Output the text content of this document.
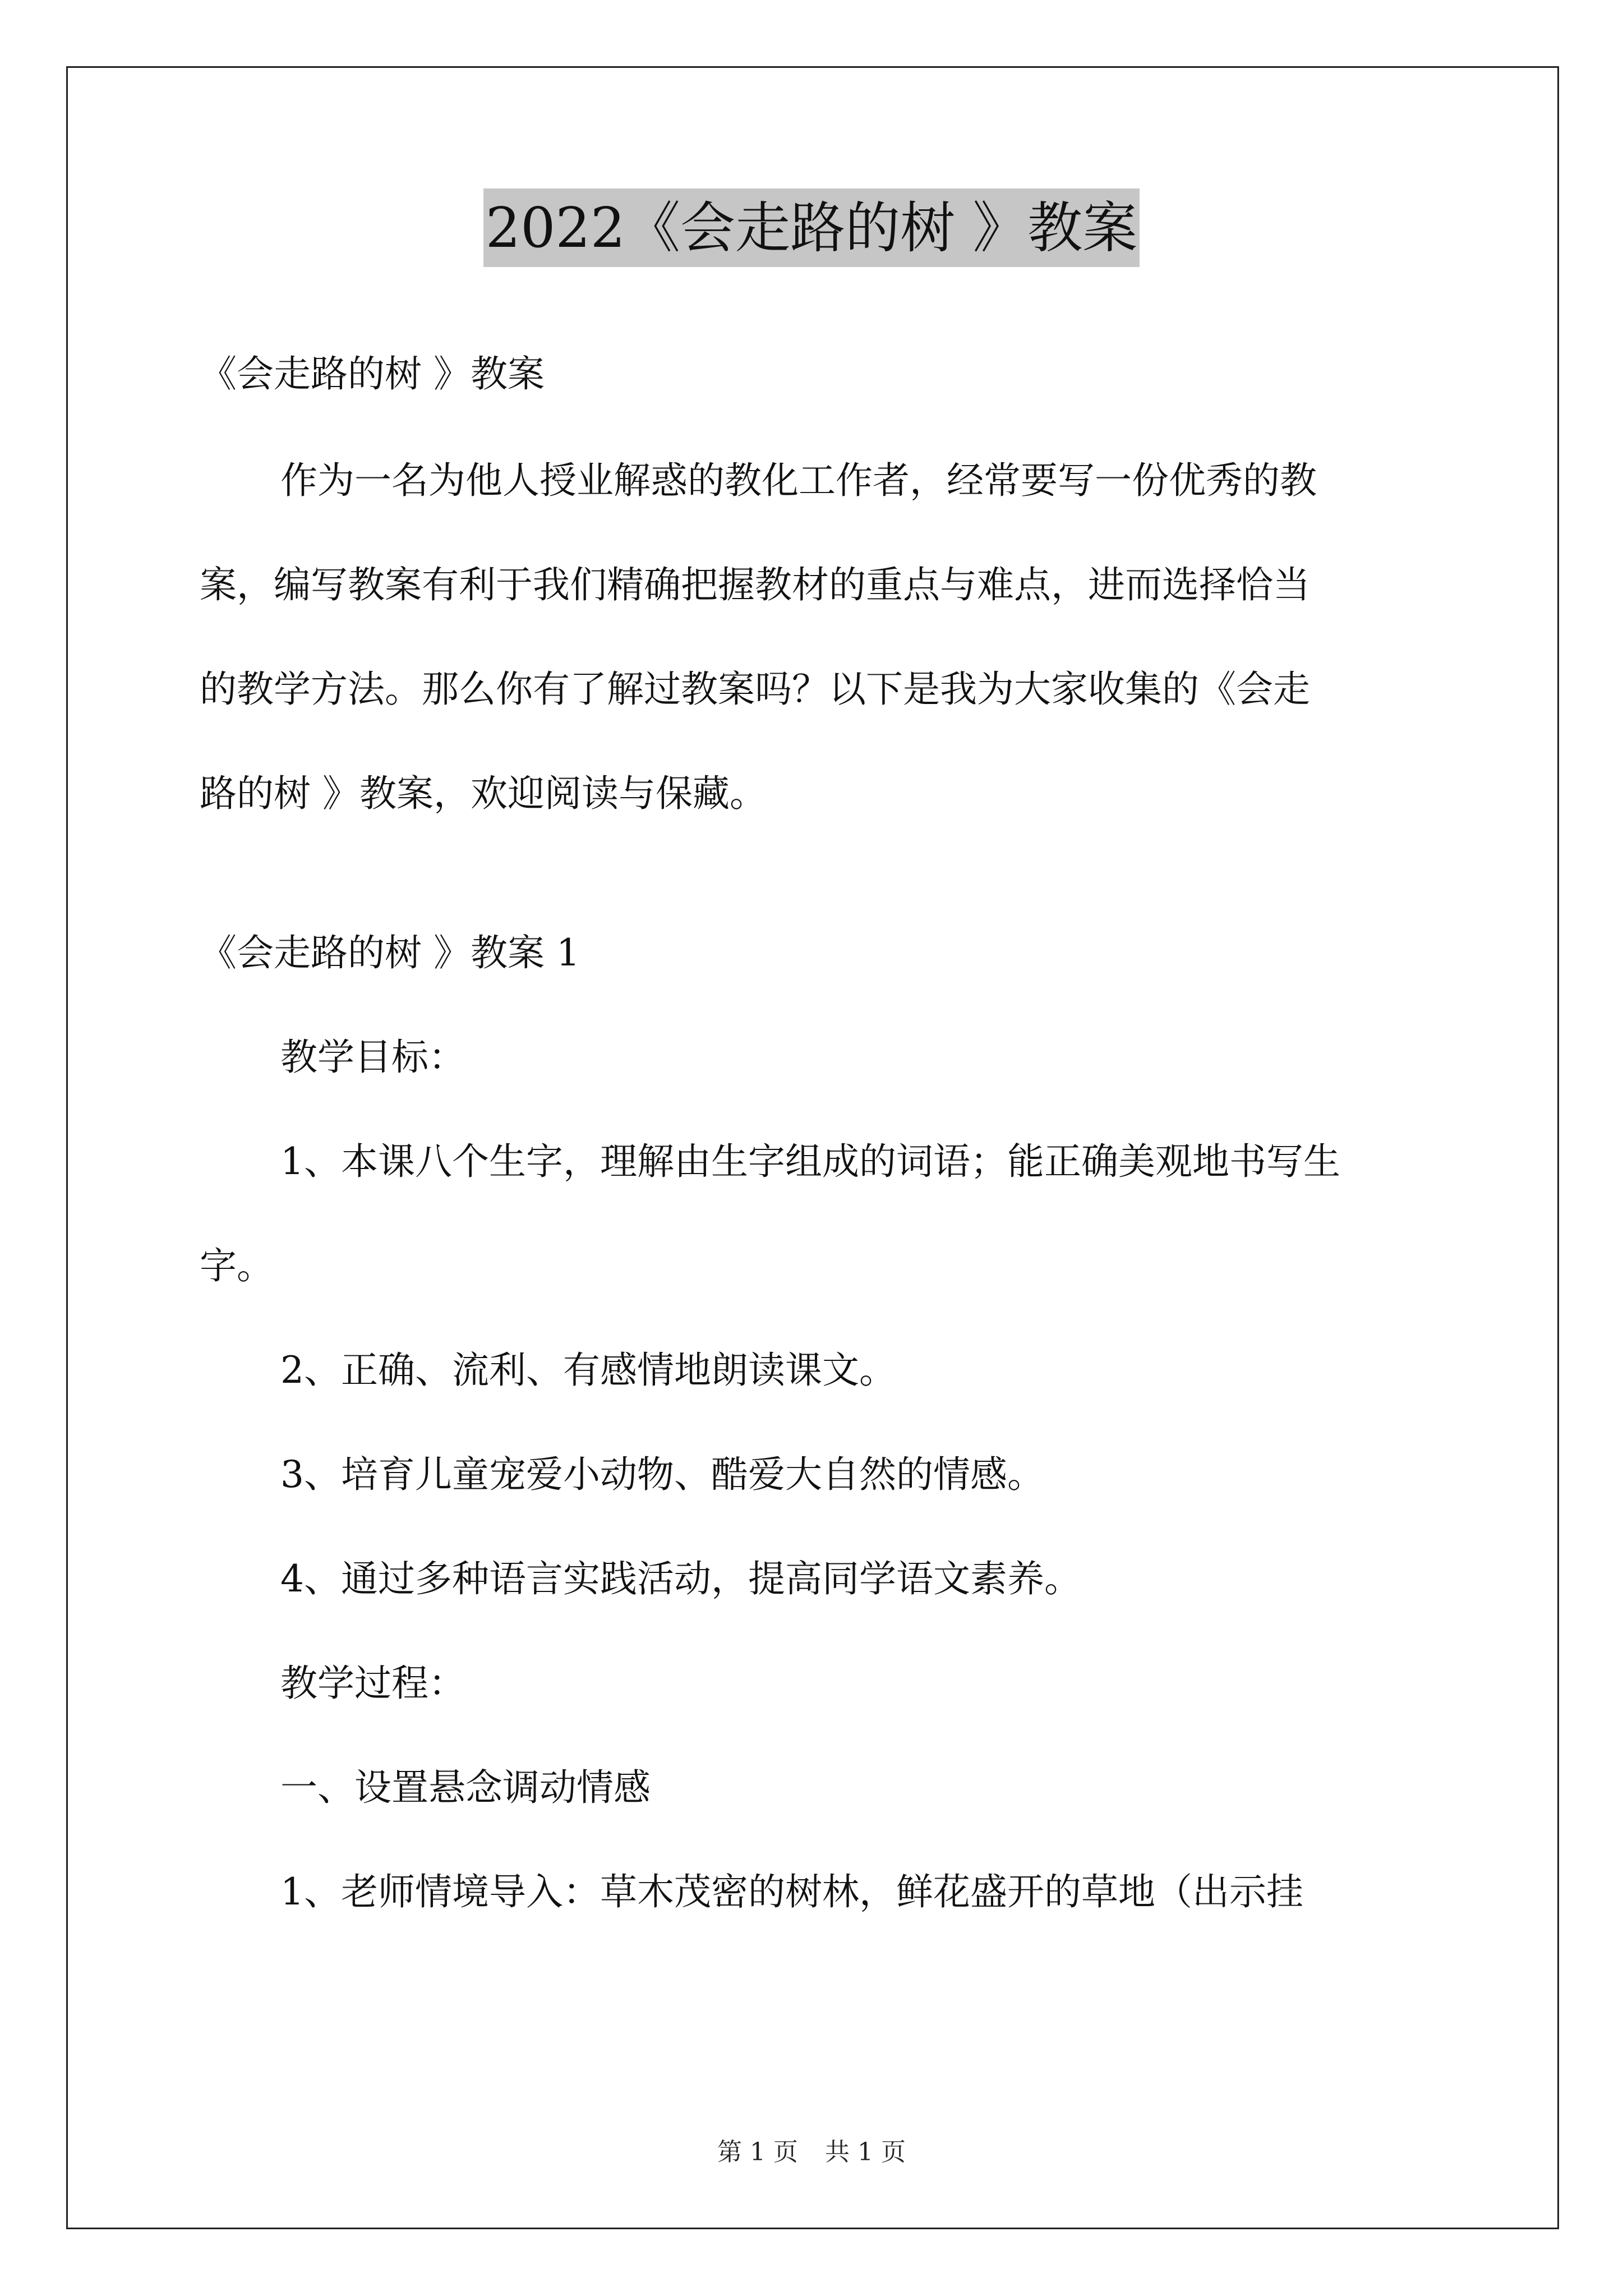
2022《会走路的树 》教案

《会走路的树 》教案

作为一名为他人授业解惑的教化工作者，经常要写一份优秀的教

案，编写教案有利于我们精确把握教材的重点与难点，进而选择恰当

的教学方法。那么你有了解过教案吗？以下是我为大家收集的《会走

路的树 》教案，欢迎阅读与保藏。

《会走路的树 》教案 1

教学目标：

1、本课八个生字，理解由生字组成的词语；能正确美观地书写生

字。

2、正确、流利、有感情地朗读课文。

3、培育儿童宠爱小动物、酷爱大自然的情感。

4、通过多种语言实践活动，提高同学语文素养。

教学过程：

一、设置悬念调动情感

1、老师情境导入：草木茂密的树林，鲜花盛开的草地（出示挂

第 1 页 共 1 页
